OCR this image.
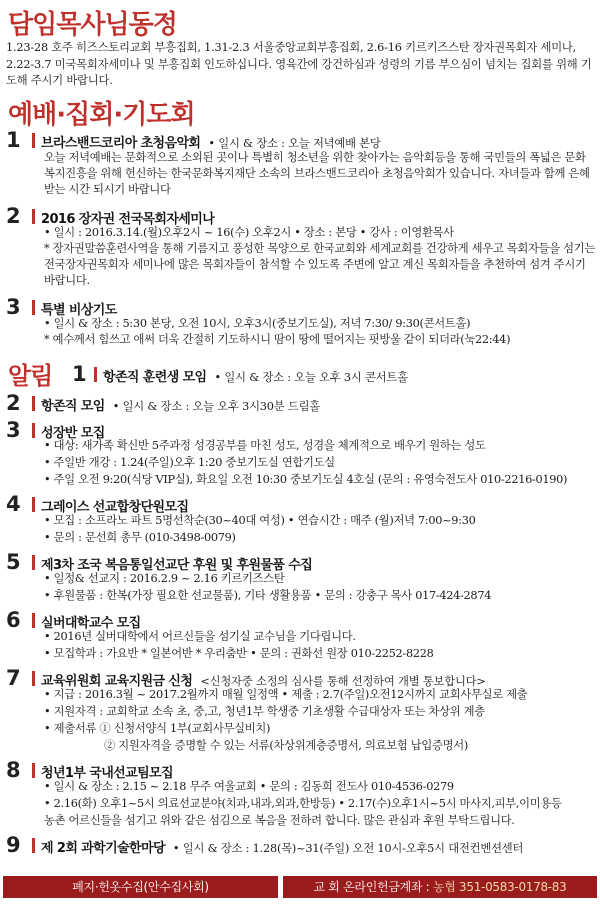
담임목사님동정
1.23-28 호주 히즈스토리교회 부흥집회, 1.31-2.3 서울중앙교회부흥집회, 2.6-16 키르키즈스탄 장자권목회자 세미나, 2.22-3.7 미국목회자세미나 및 부흥집회 인도하십니다. 영육간에 강건하심과 성령의 기름 부으심이 넘치는 집회를 위해 기도해 주시기 바랍니다.
예배·집회·기도회
1	브라스밴드코리아 초청음악회 • 일시 & 장소 : 오늘 저녁예배 본당
오늘 저녁예배는 문화적으로 소외된 곳이나 특별히 청소년을 위한 찾아가는 음악회등을 통해 국민들의 폭넓은 문화복지진흥을 위해 헌신하는 한국문화복지재단 소속의 브라스밴드코리아 초청음악회가 있습니다. 자녀들과 함께 은혜받는 시간 되시기 바랍니다
2	2016 장자권 전국목회자세미나
• 일시 : 2016.3.14.(월)오후2시 ~ 16(수) 오후2시 • 장소 : 본당 • 강사 : 이영환목사
* 장자권말씀훈련사역을 통해 기름지고 풍성한 목양으로 한국교회와 세계교회를 건강하게 세우고 목회자들을 섬기는 전국장자권목회자 세미나에 많은 목회자들이 참석할 수 있도록 주변에 알고 계신 목회자들을 추천하여 섬겨 주시기 바랍니다.
3	특별 비상기도
• 일시 & 장소 : 5:30 본당, 오전 10시, 오후3시(중보기도실), 저녁 7:30/ 9:30(콘서트홀)
* 예수께서 힘쓰고 애써 더욱 간절히 기도하시니 땀이 땅에 떨어지는 핏방울 같이 되더라(눅22:44)
알림 1	항존직 훈련생 모임 • 일시 & 장소 : 오늘 오후 3시 콘서트홀
2	항존직 모임 • 일시 & 장소 : 오늘 오후 3시30분 드림홀
3	성장반 모집
• 대상: 새가족 확신반 5주과정 성경공부를 마친 성도, 성경을 체계적으로 배우기 원하는 성도
• 주일반 개강 : 1.24(주일)오후 1:20 중보기도실 연합기도실
• 주일 오전 9:20(식당 VIP실), 화요일 오전 10:30 중보기도실 4호실 (문의 : 유영숙전도사 010-2216-0190)
4	그레이스 선교합창단원모집
• 모집 : 소프라노 파트 5명선착순(30~40대 여성) • 연습시간 : 매주 (월)저녁 7:00~9:30
• 문의 : 문선희 총무 (010-3498-0079)
5	제3차 조국 복음통일선교단 후원 및 후원물품 수집
• 일정& 선교지 : 2016.2.9 ~ 2.16 키르키즈스탄
• 후원물품 : 한복(가장 필요한 선교물품), 기타 생활용품 • 문의 : 강충구 목사 017-424-2874
6	실버대학교수 모집
• 2016년 실버대학에서 어르신들을 섬기실 교수님을 기다립니다.
• 모집학과 : 가요반 * 일본어반 * 우리춤반 • 문의 : 권화선 원장 010-2252-8228
7	교육위원회 교육지원금 신청 <신청자중 소정의 심사를 통해 선정하여 개별 통보합니다>
• 지급 : 2016.3월 ~ 2017.2월까지 매월 일정액 • 제출 : 2.7(주일)오전12시까지 교회사무실로 제출
• 지원자격 : 교회학교 소속 초, 중,고, 청년1부 학생중 기초생활 수급대상자 또는 차상위 계층
• 제출서류 ① 신청서양식 1부(교회사무실비치)
② 지원자격을 증명할 수 있는 서류(차상위계층증명서, 의료보험 납입증명서)
8	청년1부 국내선교팀모집
• 일시 & 장소 : 2.15 ~ 2.18 무주 여울교회 • 문의 : 김동희 전도사 010-4536-0279
• 2.16(화) 오후1~5시 의료선교분야(치과,내과,외과,한방등) • 2.17(수)오후1시~5시 마사지,피부,이미용등
농촌 어르신들을 섬기고 위와 같은 섬김으로 복음을 전하려 합니다. 많은 관심과 후원 부탁드립니다.
9	제 2회 과학기술한마당 • 일시 & 장소 : 1.28(목)~31(주일) 오전 10시-오후5시 대전컨벤션센터
폐지·헌옷수집(안수집사회)	교 회 온라인헌금계좌 : 농협 351-0583-0178-83
